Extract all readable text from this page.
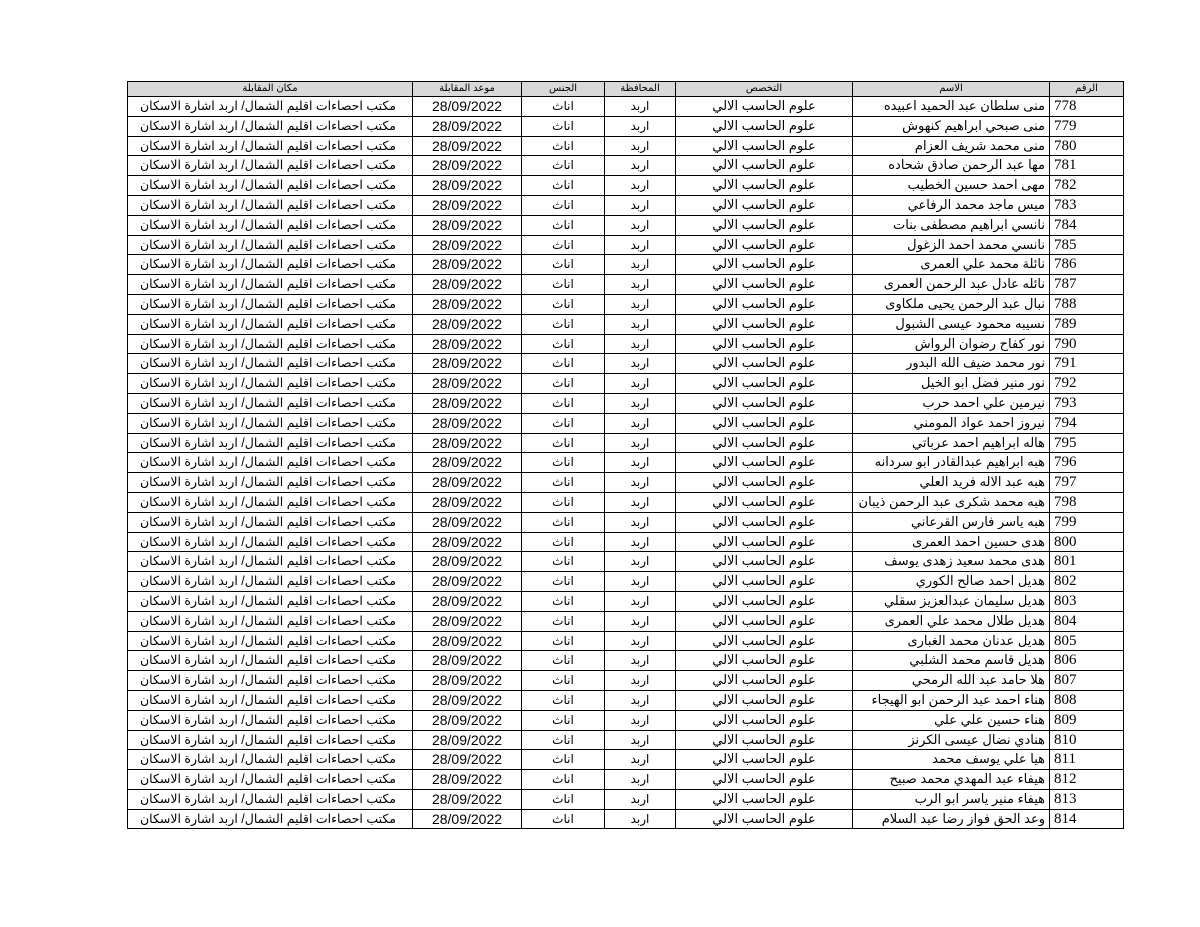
الرقم	الاسم	التخصص	المحافظة	الجنس	موعد المقابلة	مكان المقابلة
778	منى سلطان عبد الحميد اعبيده	علوم الحاسب الالي	اربد	اناث	28/09/2022	مكتب احصاءات اقليم الشمال/ اربد اشارة الاسكان
779	منى صبحي ابراهيم كنهوش	علوم الحاسب الالي	اربد	اناث	28/09/2022	مكتب احصاءات اقليم الشمال/ اربد اشارة الاسكان
780	منى محمد شريف العزام	علوم الحاسب الالي	اربد	اناث	28/09/2022	مكتب احصاءات اقليم الشمال/ اربد اشارة الاسكان
781	مها عبد الرحمن صادق شحاده	علوم الحاسب الالي	اربد	اناث	28/09/2022	مكتب احصاءات اقليم الشمال/ اربد اشارة الاسكان
782	مهى احمد حسين الخطيب	علوم الحاسب الالي	اربد	اناث	28/09/2022	مكتب احصاءات اقليم الشمال/ اربد اشارة الاسكان
783	ميس ماجد محمد الرفاعي	علوم الحاسب الالي	اربد	اناث	28/09/2022	مكتب احصاءات اقليم الشمال/ اربد اشارة الاسكان
784	نانسي ابراهيم مصطفى بنات	علوم الحاسب الالي	اربد	اناث	28/09/2022	مكتب احصاءات اقليم الشمال/ اربد اشارة الاسكان
785	نانسي محمد احمد الزغول	علوم الحاسب الالي	اربد	اناث	28/09/2022	مكتب احصاءات اقليم الشمال/ اربد اشارة الاسكان
786	نائلة محمد علي العمرى	علوم الحاسب الالي	اربد	اناث	28/09/2022	مكتب احصاءات اقليم الشمال/ اربد اشارة الاسكان
787	نائله عادل عبد الرحمن العمرى	علوم الحاسب الالي	اربد	اناث	28/09/2022	مكتب احصاءات اقليم الشمال/ اربد اشارة الاسكان
788	نبال عبد الرحمن يحيى ملكاوى	علوم الحاسب الالي	اربد	اناث	28/09/2022	مكتب احصاءات اقليم الشمال/ اربد اشارة الاسكان
789	نسيبه محمود عيسى الشبول	علوم الحاسب الالي	اربد	اناث	28/09/2022	مكتب احصاءات اقليم الشمال/ اربد اشارة الاسكان
790	نور كفاح رضوان الرواش	علوم الحاسب الالي	اربد	اناث	28/09/2022	مكتب احصاءات اقليم الشمال/ اربد اشارة الاسكان
791	نور محمد ضيف الله البدور	علوم الحاسب الالي	اربد	اناث	28/09/2022	مكتب احصاءات اقليم الشمال/ اربد اشارة الاسكان
792	نور منير فضل ابو الخيل	علوم الحاسب الالي	اربد	اناث	28/09/2022	مكتب احصاءات اقليم الشمال/ اربد اشارة الاسكان
793	نيرمين علي احمد حرب	علوم الحاسب الالي	اربد	اناث	28/09/2022	مكتب احصاءات اقليم الشمال/ اربد اشارة الاسكان
794	نيروز احمد عواد المومني	علوم الحاسب الالي	اربد	اناث	28/09/2022	مكتب احصاءات اقليم الشمال/ اربد اشارة الاسكان
795	هاله ابراهيم احمد عرباتي	علوم الحاسب الالي	اربد	اناث	28/09/2022	مكتب احصاءات اقليم الشمال/ اربد اشارة الاسكان
796	هبه ابراهيم عبدالقادر ابو سردانه	علوم الحاسب الالي	اربد	اناث	28/09/2022	مكتب احصاءات اقليم الشمال/ اربد اشارة الاسكان
797	هبه عبد الاله فريد العلي	علوم الحاسب الالي	اربد	اناث	28/09/2022	مكتب احصاءات اقليم الشمال/ اربد اشارة الاسكان
798	هبه محمد شكرى عبد الرحمن ذيبان	علوم الحاسب الالي	اربد	اناث	28/09/2022	مكتب احصاءات اقليم الشمال/ اربد اشارة الاسكان
799	هبه ياسر فارس القرعاني	علوم الحاسب الالي	اربد	اناث	28/09/2022	مكتب احصاءات اقليم الشمال/ اربد اشارة الاسكان
800	هدى حسين احمد العمرى	علوم الحاسب الالي	اربد	اناث	28/09/2022	مكتب احصاءات اقليم الشمال/ اربد اشارة الاسكان
801	هدى محمد سعيد زهدى يوسف	علوم الحاسب الالي	اربد	اناث	28/09/2022	مكتب احصاءات اقليم الشمال/ اربد اشارة الاسكان
802	هديل احمد صالح الكوري	علوم الحاسب الالي	اربد	اناث	28/09/2022	مكتب احصاءات اقليم الشمال/ اربد اشارة الاسكان
803	هديل سليمان عبدالعزيز سقلي	علوم الحاسب الالي	اربد	اناث	28/09/2022	مكتب احصاءات اقليم الشمال/ اربد اشارة الاسكان
804	هديل طلال محمد علي العمرى	علوم الحاسب الالي	اربد	اناث	28/09/2022	مكتب احصاءات اقليم الشمال/ اربد اشارة الاسكان
805	هديل عدنان محمد الغبارى	علوم الحاسب الالي	اربد	اناث	28/09/2022	مكتب احصاءات اقليم الشمال/ اربد اشارة الاسكان
806	هديل قاسم محمد الشلبي	علوم الحاسب الالي	اربد	اناث	28/09/2022	مكتب احصاءات اقليم الشمال/ اربد اشارة الاسكان
807	هلا حامد عبد الله الرمحي	علوم الحاسب الالي	اربد	اناث	28/09/2022	مكتب احصاءات اقليم الشمال/ اربد اشارة الاسكان
808	هناء احمد عبد الرحمن ابو الهيجاء	علوم الحاسب الالي	اربد	اناث	28/09/2022	مكتب احصاءات اقليم الشمال/ اربد اشارة الاسكان
809	هناء حسين علي علي	علوم الحاسب الالي	اربد	اناث	28/09/2022	مكتب احصاءات اقليم الشمال/ اربد اشارة الاسكان
810	هنادي نضال عيسى الكرنز	علوم الحاسب الالي	اربد	اناث	28/09/2022	مكتب احصاءات اقليم الشمال/ اربد اشارة الاسكان
811	هيا علي يوسف محمد	علوم الحاسب الالي	اربد	اناث	28/09/2022	مكتب احصاءات اقليم الشمال/ اربد اشارة الاسكان
812	هيفاء عبد المهدي محمد صبيح	علوم الحاسب الالي	اربد	اناث	28/09/2022	مكتب احصاءات اقليم الشمال/ اربد اشارة الاسكان
813	هيفاء منير ياسر ابو الرب	علوم الحاسب الالي	اربد	اناث	28/09/2022	مكتب احصاءات اقليم الشمال/ اربد اشارة الاسكان
814	وعد الحق فواز رضا عبد السلام	علوم الحاسب الالي	اربد	اناث	28/09/2022	مكتب احصاءات اقليم الشمال/ اربد اشارة الاسكان
